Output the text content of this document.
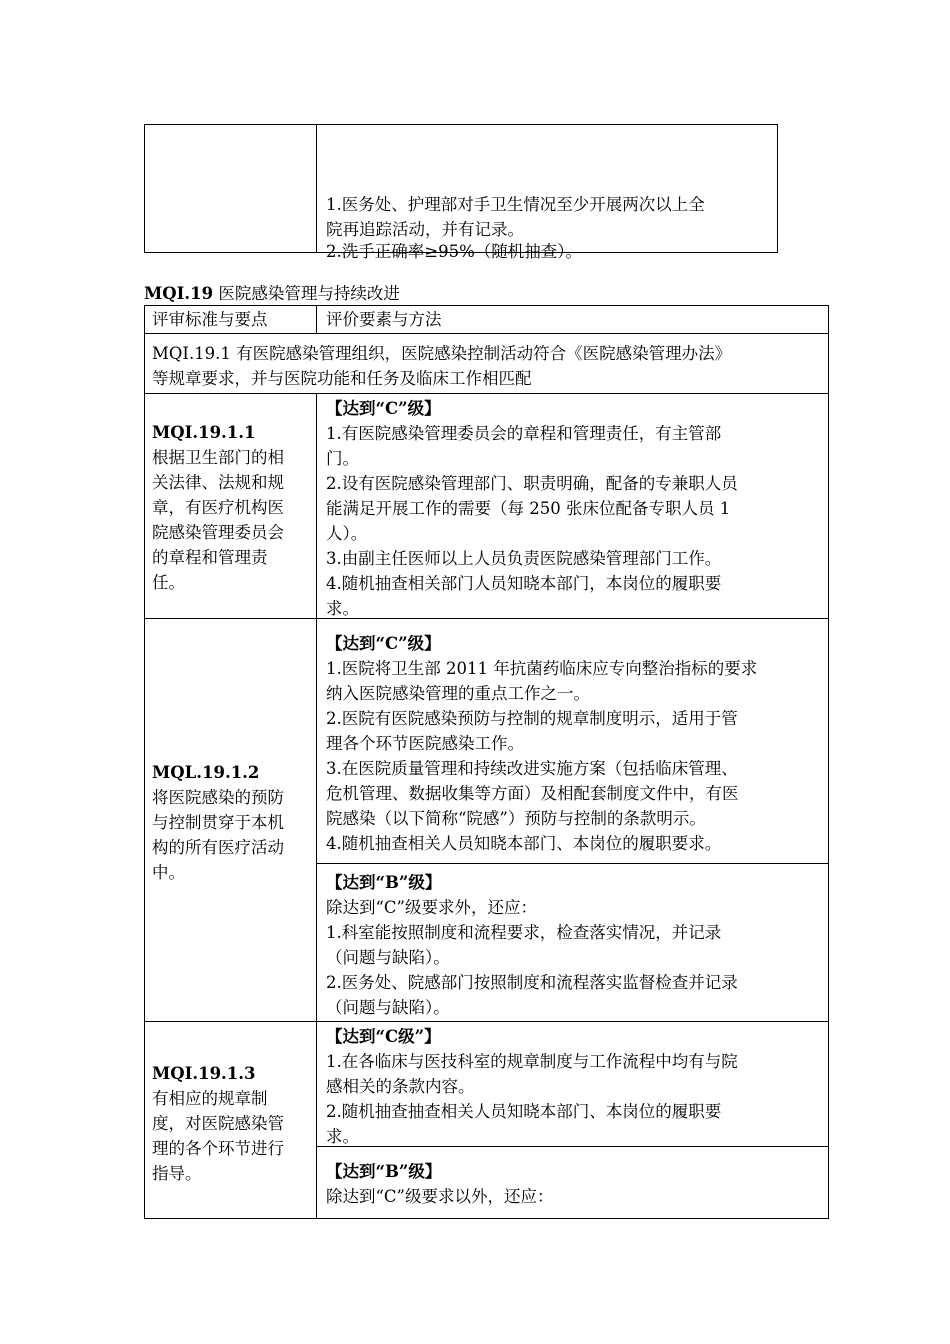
1.医务处、护理部对手卫生情况至少开展两次以上全
院再追踪活动，并有记录。
2.洗手正确率≥95%（随机抽查）。
MQI.19 医院感染管理与持续改进
评审标准与要点	评价要素与方法
MQI.19.1 有医院感染管理组织，医院感染控制活动符合《医院感染管理办法》
等规章要求，并与医院功能和任务及临床工作相匹配
MQI.19.1.1
根据卫生部门的相
关法律、法规和规
章，有医疗机构医
院感染管理委员会
的章程和管理责
任。
【达到“C”级】
1.有医院感染管理委员会的章程和管理责任，有主管部
门。
2.设有医院感染管理部门、职责明确，配备的专兼职人员
能满足开展工作的需要（每 250 张床位配备专职人员 1
人）。
3.由副主任医师以上人员负责医院感染管理部门工作。
4.随机抽查相关部门人员知晓本部门，本岗位的履职要
求。
MQL.19.1.2
将医院感染的预防
与控制贯穿于本机
构的所有医疗活动
中。
【达到“C”级】
1.医院将卫生部 2011 年抗菌药临床应专向整治指标的要求
纳入医院感染管理的重点工作之一。
2.医院有医院感染预防与控制的规章制度明示，适用于管
理各个环节医院感染工作。
3.在医院质量管理和持续改进实施方案（包括临床管理、
危机管理、数据收集等方面）及相配套制度文件中，有医
院感染（以下简称“院感”）预防与控制的条款明示。
4.随机抽查相关人员知晓本部门、本岗位的履职要求。
【达到“B”级】
除达到“C”级要求外，还应：
1.科室能按照制度和流程要求，检查落实情况，并记录
（问题与缺陷）。
2.医务处、院感部门按照制度和流程落实监督检查并记录
（问题与缺陷）。
MQI.19.1.3
有相应的规章制
度，对医院感染管
理的各个环节进行
指导。
【达到“C级”】
1.在各临床与医技科室的规章制度与工作流程中均有与院
感相关的条款内容。
2.随机抽查抽查相关人员知晓本部门、本岗位的履职要
求。
【达到“B”级】
除达到“C”级要求以外，还应：
